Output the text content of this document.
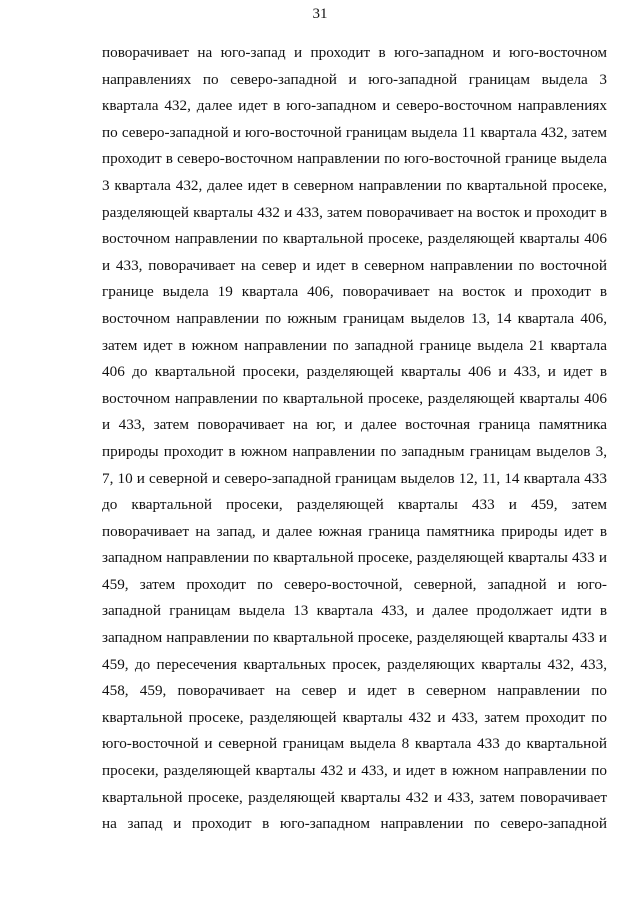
31
поворачивает на юго-запад и проходит в юго-западном и юго-восточном
направлениях по северо-западной и юго-западной границам выдела 3
квартала 432, далее идет в юго-западном и северо-восточном направлениях
по северо-западной и юго-восточной границам выдела 11 квартала 432, затем
проходит в северо-восточном направлении по юго-восточной границе выдела
3 квартала 432, далее идет в северном направлении по квартальной просеке,
разделяющей кварталы 432 и 433, затем поворачивает на восток и проходит в
восточном направлении по квартальной просеке, разделяющей кварталы 406
и 433, поворачивает на север и идет в северном направлении по восточной
границе выдела 19 квартала 406, поворачивает на восток и проходит в
восточном направлении по южным границам выделов 13, 14 квартала 406,
затем идет в южном направлении по западной границе выдела 21 квартала
406 до квартальной просеки, разделяющей кварталы 406 и 433, и идет в
восточном направлении по квартальной просеке, разделяющей кварталы 406
и 433, затем поворачивает на юг, и далее восточная граница памятника
природы проходит в южном направлении по западным границам выделов 3,
7, 10 и северной и северо-западной границам выделов 12, 11, 14 квартала 433
до квартальной просеки, разделяющей кварталы 433 и 459, затем
поворачивает на запад, и далее южная граница памятника природы идет в
западном направлении по квартальной просеке, разделяющей кварталы 433 и
459, затем проходит по северо-восточной, северной, западной и юго-
западной границам выдела 13 квартала 433, и далее продолжает идти в
западном направлении по квартальной просеке, разделяющей кварталы 433 и
459, до пересечения квартальных просек, разделяющих кварталы 432, 433,
458, 459, поворачивает на север и идет в северном направлении по
квартальной просеке, разделяющей кварталы 432 и 433, затем проходит по
юго-восточной и северной границам выдела 8 квартала 433 до квартальной
просеки, разделяющей кварталы 432 и 433, и идет в южном направлении по
квартальной просеке, разделяющей кварталы 432 и 433, затем поворачивает
на запад и проходит в юго-западном направлении по северо-западной
